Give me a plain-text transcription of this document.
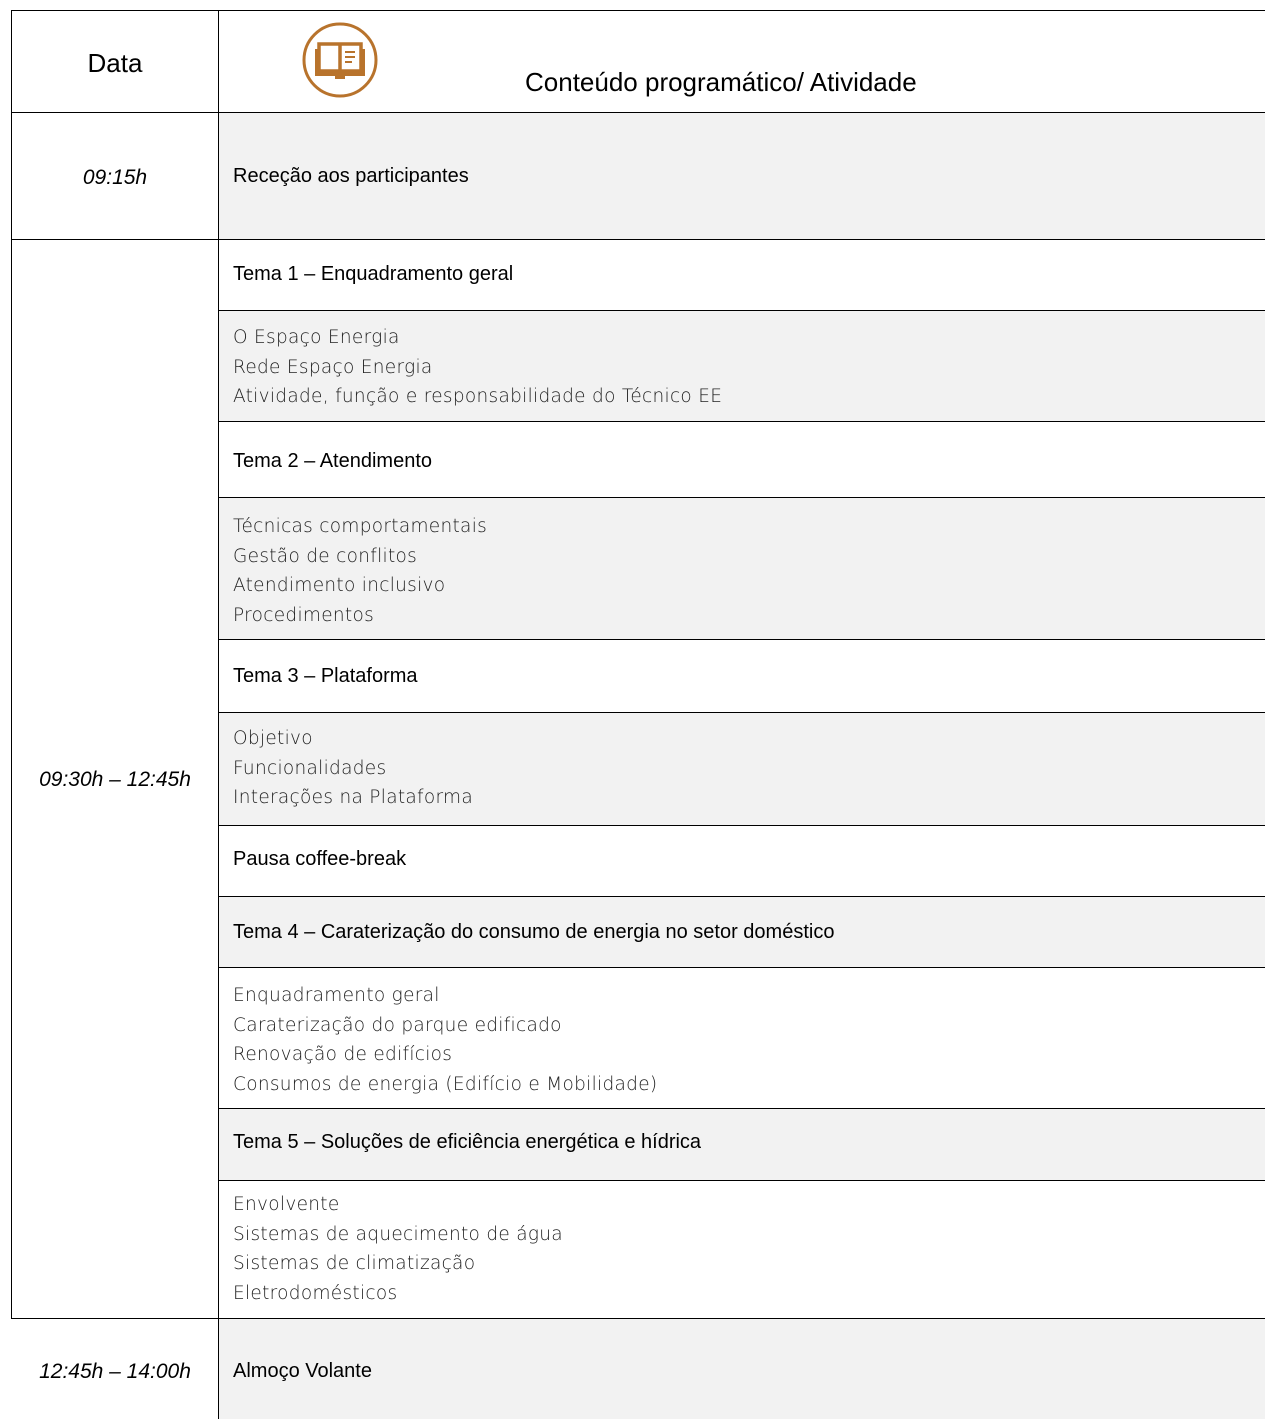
Data
Conteúdo programático/ Atividade
09:15h	Receção aos participantes
09:30h – 12:45h
Tema 1 – Enquadramento geral
O Espaço Energia
Rede Espaço Energia
Atividade, função e responsabilidade do Técnico EE
Tema 2 – Atendimento
Técnicas comportamentais
Gestão de conflitos
Atendimento inclusivo
Procedimentos
Tema 3 – Plataforma
Objetivo
Funcionalidades
Interações na Plataforma
Pausa coffee-break
Tema 4 – Caraterização do consumo de energia no setor doméstico
Enquadramento geral
Caraterização do parque edificado
Renovação de edifícios
Consumos de energia (Edifício e Mobilidade)
Tema 5 – Soluções de eficiência energética e hídrica
Envolvente
Sistemas de aquecimento de água
Sistemas de climatização
Eletrodomésticos
12:45h – 14:00h	Almoço Volante
